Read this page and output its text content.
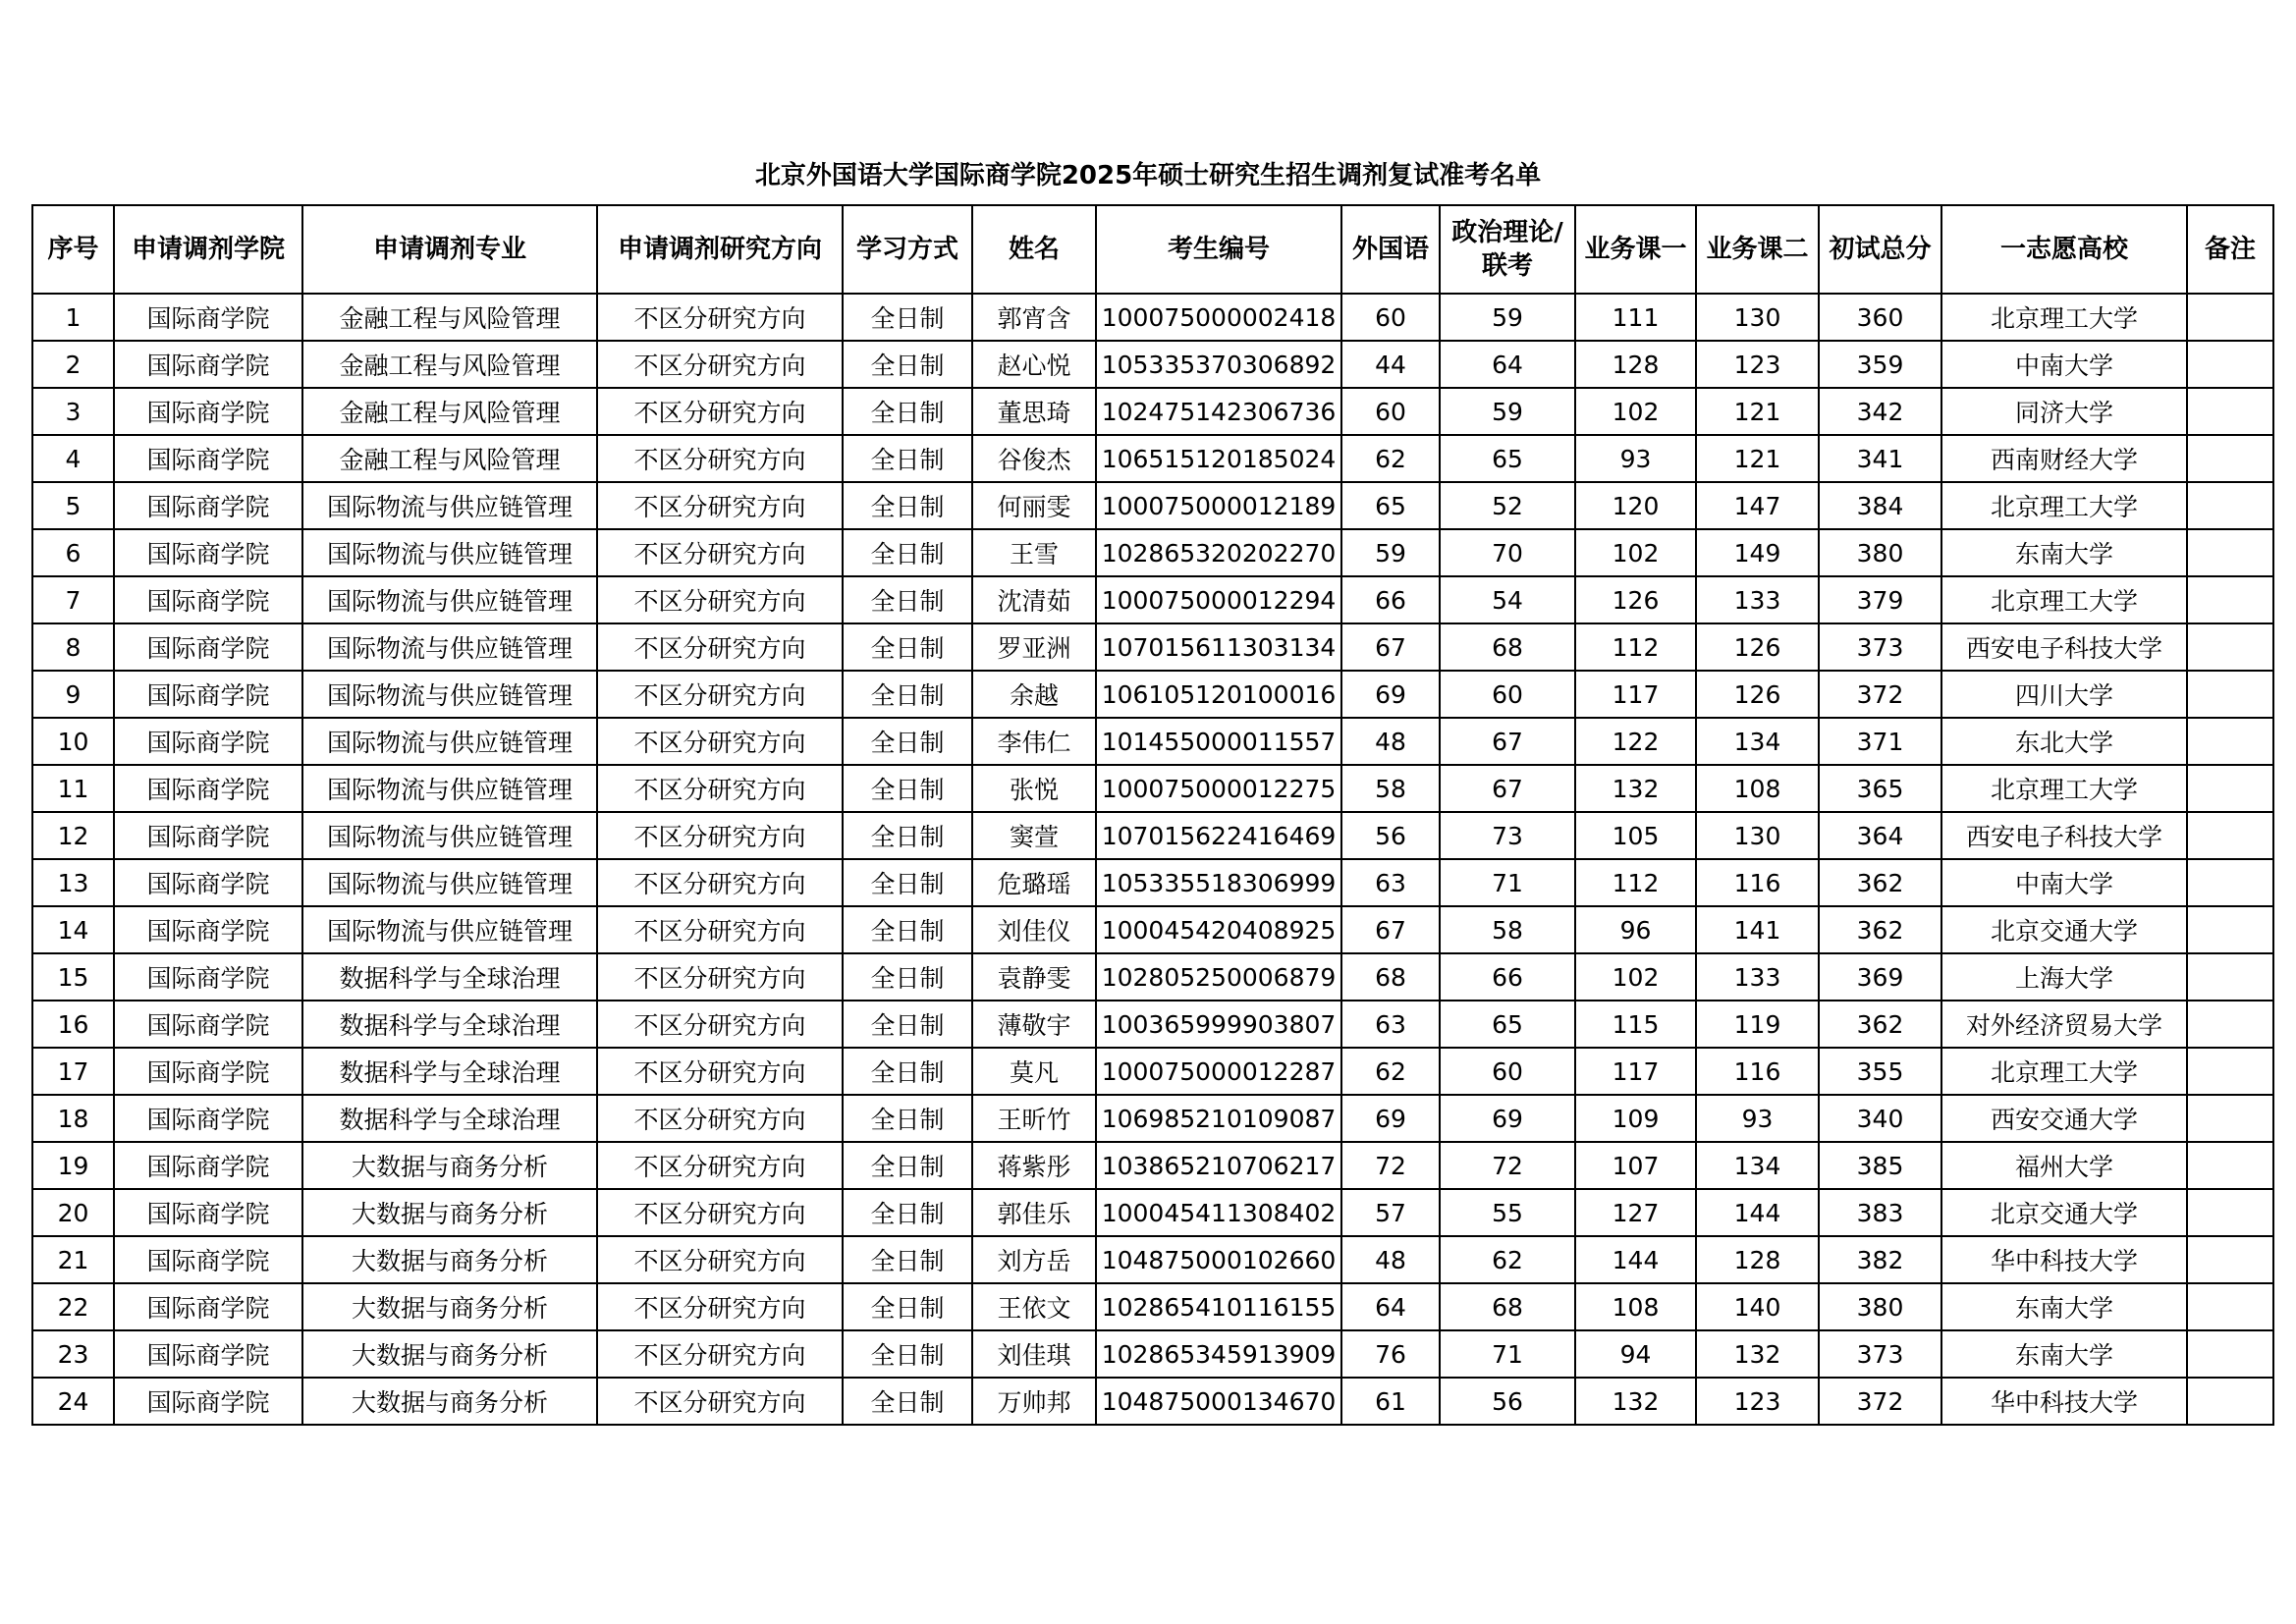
北京外国语大学国际商学院2025年硕士研究生招生调剂复试准考名单
序号	申请调剂学院	申请调剂专业	申请调剂研究方向	学习方式	姓名	考生编号	外国语	政治理论/联考	业务课一	业务课二	初试总分	一志愿高校	备注
1	国际商学院	金融工程与风险管理	不区分研究方向	全日制	郭宵含	100075000002418	60	59	111	130	360	北京理工大学	
2	国际商学院	金融工程与风险管理	不区分研究方向	全日制	赵心悦	105335370306892	44	64	128	123	359	中南大学	
3	国际商学院	金融工程与风险管理	不区分研究方向	全日制	董思琦	102475142306736	60	59	102	121	342	同济大学	
4	国际商学院	金融工程与风险管理	不区分研究方向	全日制	谷俊杰	106515120185024	62	65	93	121	341	西南财经大学	
5	国际商学院	国际物流与供应链管理	不区分研究方向	全日制	何丽雯	100075000012189	65	52	120	147	384	北京理工大学	
6	国际商学院	国际物流与供应链管理	不区分研究方向	全日制	王雪	102865320202270	59	70	102	149	380	东南大学	
7	国际商学院	国际物流与供应链管理	不区分研究方向	全日制	沈清茹	100075000012294	66	54	126	133	379	北京理工大学	
8	国际商学院	国际物流与供应链管理	不区分研究方向	全日制	罗亚洲	107015611303134	67	68	112	126	373	西安电子科技大学	
9	国际商学院	国际物流与供应链管理	不区分研究方向	全日制	余越	106105120100016	69	60	117	126	372	四川大学	
10	国际商学院	国际物流与供应链管理	不区分研究方向	全日制	李伟仁	101455000011557	48	67	122	134	371	东北大学	
11	国际商学院	国际物流与供应链管理	不区分研究方向	全日制	张悦	100075000012275	58	67	132	108	365	北京理工大学	
12	国际商学院	国际物流与供应链管理	不区分研究方向	全日制	窦萱	107015622416469	56	73	105	130	364	西安电子科技大学	
13	国际商学院	国际物流与供应链管理	不区分研究方向	全日制	危璐瑶	105335518306999	63	71	112	116	362	中南大学	
14	国际商学院	国际物流与供应链管理	不区分研究方向	全日制	刘佳仪	100045420408925	67	58	96	141	362	北京交通大学	
15	国际商学院	数据科学与全球治理	不区分研究方向	全日制	袁静雯	102805250006879	68	66	102	133	369	上海大学	
16	国际商学院	数据科学与全球治理	不区分研究方向	全日制	薄敬宇	100365999903807	63	65	115	119	362	对外经济贸易大学	
17	国际商学院	数据科学与全球治理	不区分研究方向	全日制	莫凡	100075000012287	62	60	117	116	355	北京理工大学	
18	国际商学院	数据科学与全球治理	不区分研究方向	全日制	王昕竹	106985210109087	69	69	109	93	340	西安交通大学	
19	国际商学院	大数据与商务分析	不区分研究方向	全日制	蒋紫彤	103865210706217	72	72	107	134	385	福州大学	
20	国际商学院	大数据与商务分析	不区分研究方向	全日制	郭佳乐	100045411308402	57	55	127	144	383	北京交通大学	
21	国际商学院	大数据与商务分析	不区分研究方向	全日制	刘方岳	104875000102660	48	62	144	128	382	华中科技大学	
22	国际商学院	大数据与商务分析	不区分研究方向	全日制	王依文	102865410116155	64	68	108	140	380	东南大学	
23	国际商学院	大数据与商务分析	不区分研究方向	全日制	刘佳琪	102865345913909	76	71	94	132	373	东南大学	
24	国际商学院	大数据与商务分析	不区分研究方向	全日制	万帅邦	104875000134670	61	56	132	123	372	华中科技大学	
